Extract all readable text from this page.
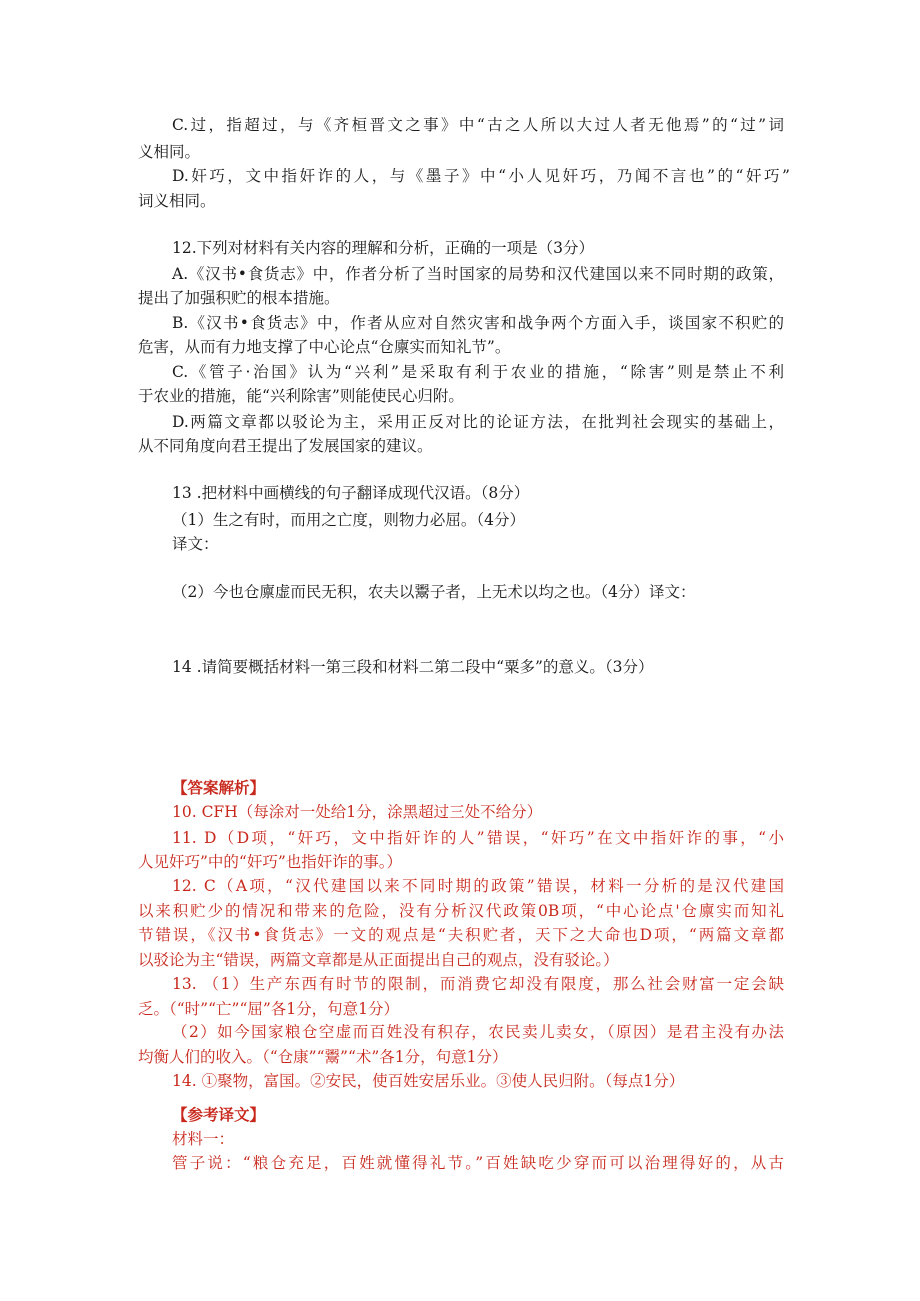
C.过，指超过，与《齐桓晋文之事》中“古之人所以大过人者无他焉”的“过”词
义相同。
D.奸巧，文中指奸诈的人，与《墨子》中“小人见奸巧，乃闻不言也”的“奸巧”
词义相同。
12.下列对材料有关内容的理解和分析，正确的一项是（3分）
A.《汉书•食货志》中，作者分析了当时国家的局势和汉代建国以来不同时期的政策，
提出了加强积贮的根本措施。
B.《汉书•食货志》中，作者从应对自然灾害和战争两个方面入手，谈国家不积贮的
危害，从而有力地支撑了中心论点“仓廪实而知礼节”。
C.《管子·治国》认为“兴利”是采取有利于农业的措施，“除害”则是禁止不利
于农业的措施，能“兴利除害”则能使民心归附。
D.两篇文章都以驳论为主，采用正反对比的论证方法，在批判社会现实的基础上，
从不同角度向君王提出了发展国家的建议。
13 .把材料中画横线的句子翻译成现代汉语。（8分）
（1）生之有时，而用之亡度，则物力必屈。（4分）
译文：
（2）今也仓廪虚而民无积，农夫以鬻子者，上无术以均之也。（4分）译文：
14 .请简要概括材料一第三段和材料二第二段中“粟多”的意义。（3分）
【答案解析】
10. CFH（每涂对一处给1分，涂黑超过三处不给分）
11. D（D项，“奸巧，文中指奸诈的人”错误，“奸巧”在文中指奸诈的事，“小
人见奸巧”中的“奸巧”也指奸诈的事。）
12. C（A项，“汉代建国以来不同时期的政策”错误，材料一分析的是汉代建国
以来积贮少的情况和带来的危险，没有分析汉代政策0B项，“中心论点'仓廪实而知礼
节错误，《汉书•食货志》一文的观点是“夫积贮者，天下之大命也D项，“两篇文章都
以驳论为主“错误，两篇文章都是从正面提出自己的观点，没有驳论。）
13. （1）生产东西有时节的限制，而消费它却没有限度，那么社会财富一定会缺
乏。（“时”“亡”“屈”各1分，句意1分）
（2）如今国家粮仓空虚而百姓没有积存，农民卖儿卖女，（原因）是君主没有办法
均衡人们的收入。（“仓康”“鬻”“术”各1分，句意1分）
14. ①聚物，富国。②安民，使百姓安居乐业。③使人民归附。（每点1分）
【参考译文】
材料一：
管子说：“粮仓充足，百姓就懂得礼节。”百姓缺吃少穿而可以治理得好的，从古
